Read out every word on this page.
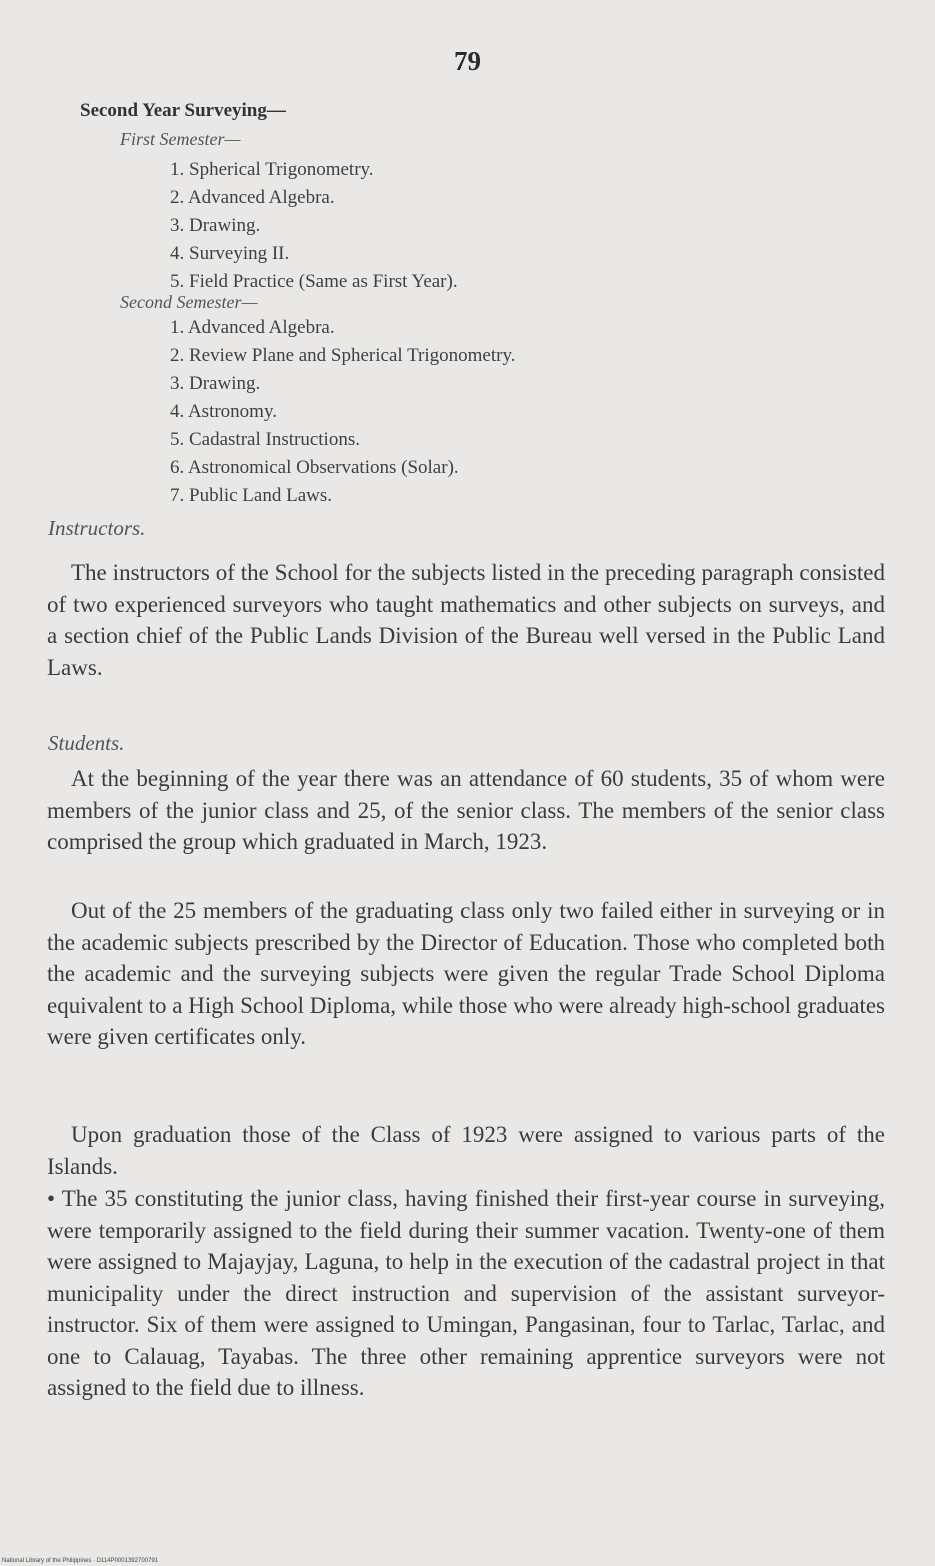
79
Second Year Surveying—
First Semester—
1. Spherical Trigonometry.
2. Advanced Algebra.
3. Drawing.
4. Surveying II.
5. Field Practice (Same as First Year).
Second Semester—
1. Advanced Algebra.
2. Review Plane and Spherical Trigonometry.
3. Drawing.
4. Astronomy.
5. Cadastral Instructions.
6. Astronomical Observations (Solar).
7. Public Land Laws.
Instructors.

The instructors of the School for the subjects listed in the preceding paragraph consisted of two experienced surveyors who taught mathematics and other subjects on surveys, and a section chief of the Public Lands Division of the Bureau well versed in the Public Land Laws.

Students.

At the beginning of the year there was an attendance of 60 students, 35 of whom were members of the junior class and 25, of the senior class. The members of the senior class comprised the group which graduated in March, 1923.

Out of the 25 members of the graduating class only two failed either in surveying or in the academic subjects prescribed by the Director of Education. Those who completed both the academic and the surveying subjects were given the regular Trade School Diploma equivalent to a High School Diploma, while those who were already high-school graduates were given certificates only.

Upon graduation those of the Class of 1923 were assigned to various parts of the Islands.

• The 35 constituting the junior class, having finished their first-year course in surveying, were temporarily assigned to the field during their summer vacation. Twenty-one of them were assigned to Majayjay, Laguna, to help in the execution of the cadastral project in that municipality under the direct instruction and supervision of the assistant surveyor-instructor. Six of them were assigned to Umingan, Pangasinan, four to Tarlac, Tarlac, and one to Calauag, Tayabas. The three other remaining apprentice surveyors were not assigned to the field due to illness.

National Library of the Philippines · D114P0001392700791
